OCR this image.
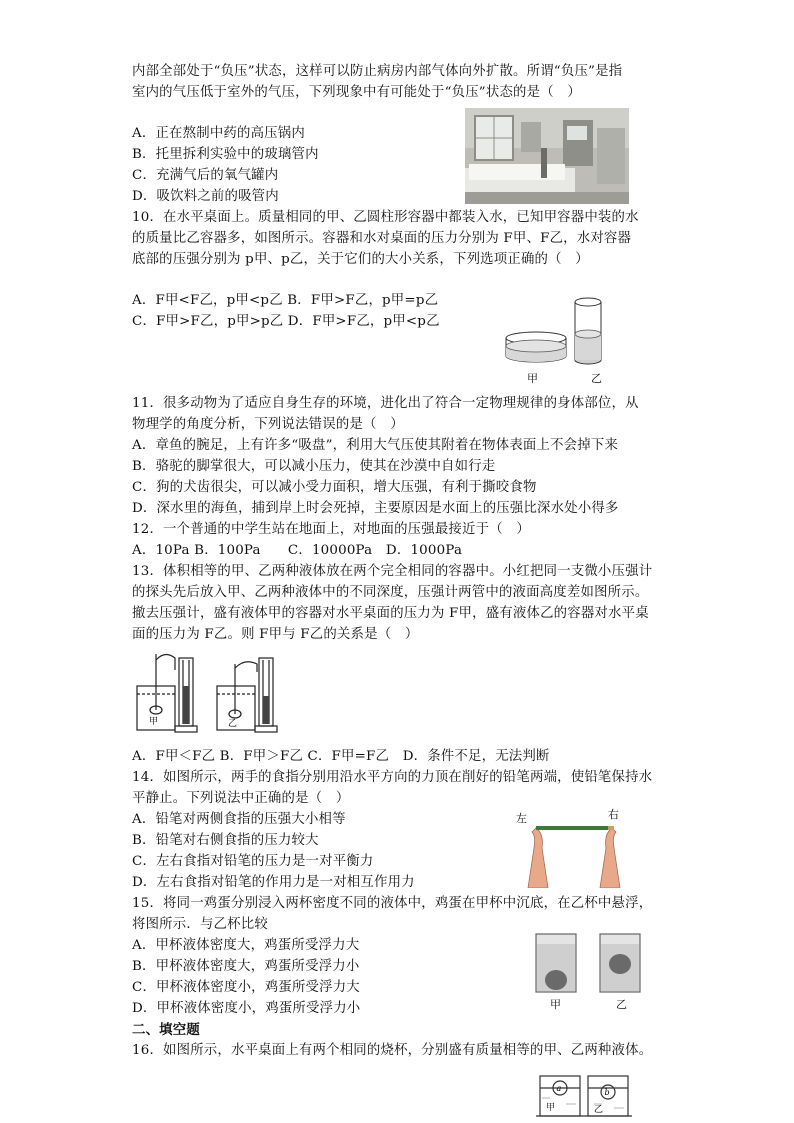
内部全部处于“负压”状态，这样可以防止病房内部气体向外扩散。所谓“负压”是指
室内的气压低于室外的气压，下列现象中有可能处于“负压”状态的是（　）
A．正在熬制中药的高压锅内
B．托里拆利实验中的玻璃管内
C．充满气后的氧气罐内
D．吸饮料之前的吸管内
10．在水平桌面上。质量相同的甲、乙圆柱形容器中都装入水，已知甲容器中装的水
的质量比乙容器多，如图所示。容器和水对桌面的压力分别为 F甲、F乙，水对容器
底部的压强分别为 p甲、p乙，关于它们的大小关系，下列选项正确的（　）
A．F甲<F乙，p甲<p乙 B．F甲>F乙，p甲=p乙
C．F甲>F乙，p甲>p乙 D．F甲>F乙，p甲<p乙
11．很多动物为了适应自身生存的环境，进化出了符合一定物理规律的身体部位，从
物理学的角度分析，下列说法错误的是（　）
A．章鱼的腕足，上有许多“吸盘”，利用大气压使其附着在物体表面上不会掉下来
B．骆驼的脚掌很大，可以减小压力，使其在沙漠中自如行走
C．狗的犬齿很尖，可以减小受力面积，增大压强，有利于撕咬食物
D．深水里的海鱼，捕到岸上时会死掉，主要原因是水面上的压强比深水处小得多
12．一个普通的中学生站在地面上，对地面的压强最接近于（　）
A．10Pa B．100Pa　　C．10000Pa　D．1000Pa
13．体积相等的甲、乙两种液体放在两个完全相同的容器中。小红把同一支微小压强计
的探头先后放入甲、乙两种液体中的不同深度，压强计两管中的液面高度差如图所示。
撤去压强计，盛有液体甲的容器对水平桌面的压力为 F甲，盛有液体乙的容器对水平桌
面的压力为 F乙。则 F甲与 F乙的关系是（　）
A．F甲＜F乙 B．F甲＞F乙 C．F甲=F乙　D．条件不足，无法判断
14．如图所示，两手的食指分别用沿水平方向的力顶在削好的铅笔两端，使铅笔保持水
平静止。下列说法中正确的是（　）
A．铅笔对两侧食指的压强大小相等
B．铅笔对右侧食指的压力较大
C．左右食指对铅笔的压力是一对平衡力
D．左右食指对铅笔的作用力是一对相互作用力
15．将同一鸡蛋分别浸入两杯密度不同的液体中，鸡蛋在甲杯中沉底，在乙杯中悬浮，
将图所示．与乙杯比较
A．甲杯液体密度大，鸡蛋所受浮力大
B．甲杯液体密度大，鸡蛋所受浮力小
C．甲杯液体密度小，鸡蛋所受浮力大
D．甲杯液体密度小，鸡蛋所受浮力小
二、填空题
16．如图所示，水平桌面上有两个相同的烧杯，分别盛有质量相等的甲、乙两种液体。
甲	乙
甲	乙
左	右
甲	乙
a	b
甲	乙
